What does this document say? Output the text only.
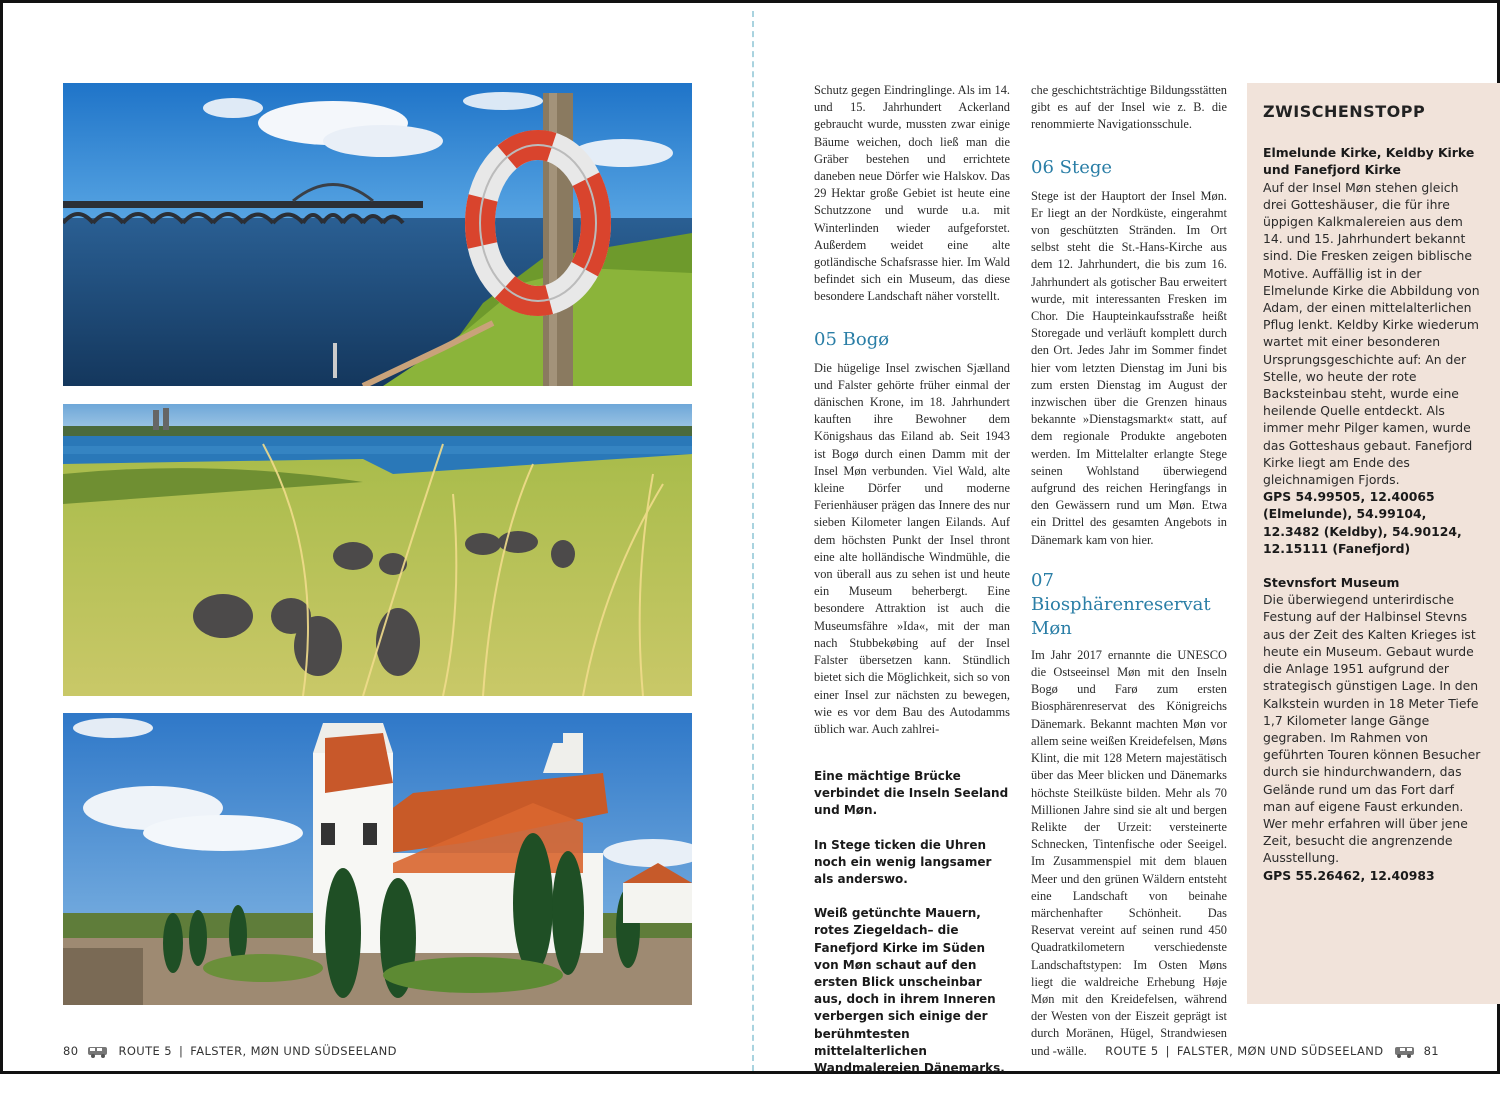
Schutz gegen Eindringlinge. Als im 14. und 15. Jahrhundert Ackerland gebraucht wurde, mussten zwar einige Bäume weichen, doch ließ man die Gräber bestehen und errichtete daneben neue Dörfer wie Halskov. Das 29 Hektar große Gebiet ist heute eine Schutzzone und wurde u.a. mit Winterlinden wieder aufgeforstet. Außerdem weidet eine alte gotländische Schafsrasse hier. Im Wald befindet sich ein Museum, das diese besondere Landschaft näher vorstellt.

05 Bogø

Die hügelige Insel zwischen Sjælland und Falster gehörte früher einmal der dänischen Krone, im 18. Jahrhundert kauften ihre Bewohner dem Königshaus das Eiland ab. Seit 1943 ist Bogø durch einen Damm mit der Insel Møn verbunden. Viel Wald, alte kleine Dörfer und moderne Ferienhäuser prägen das Innere des nur sieben Kilometer langen Eilands. Auf dem höchsten Punkt der Insel thront eine alte holländische Windmühle, die von überall aus zu sehen ist und heute ein Museum beherbergt. Eine besondere Attraktion ist auch die Museumsfähre »Ida«, mit der man nach Stubbekøbing auf der Insel Falster übersetzen kann. Stündlich bietet sich die Möglichkeit, sich so von einer Insel zur nächsten zu bewegen, wie es vor dem Bau des Autodamms üblich war. Auch zahlrei-

Eine mächtige Brücke verbindet die Inseln Seeland und Møn.

In Stege ticken die Uhren noch ein wenig langsamer als anderswo.

Weiß getünchte Mauern, rotes Ziegeldach– die Fanefjord Kirke im Süden von Møn schaut auf den ersten Blick unscheinbar aus, doch in ihrem Inneren verbergen sich einige der berühmtesten mittelalterlichen Wandmalereien Dänemarks.

che geschichtsträchtige Bildungsstätten gibt es auf der Insel wie z. B. die renommierte Navigationsschule.

06 Stege

Stege ist der Hauptort der Insel Møn. Er liegt an der Nordküste, eingerahmt von geschützten Stränden. Im Ort selbst steht die St.-Hans-Kirche aus dem 12. Jahrhundert, die bis zum 16. Jahrhundert als gotischer Bau erweitert wurde, mit interessanten Fresken im Chor. Die Haupteinkaufsstraße heißt Storegade und verläuft komplett durch den Ort. Jedes Jahr im Sommer findet hier vom letzten Dienstag im Juni bis zum ersten Dienstag im August der inzwischen über die Grenzen hinaus bekannte »Dienstagsmarkt« statt, auf dem regionale Produkte angeboten werden. Im Mittelalter erlangte Stege seinen Wohlstand überwiegend aufgrund des reichen Heringfangs in den Gewässern rund um Møn. Etwa ein Drittel des gesamten Angebots in Dänemark kam von hier.

07 Biosphärenreservat Møn

Im Jahr 2017 ernannte die UNESCO die Ostseeinsel Møn mit den Inseln Bogø und Farø zum ersten Biosphärenreservat des Königreichs Dänemark. Bekannt machten Møn vor allem seine weißen Kreidefelsen, Møns Klint, die mit 128 Metern majestätisch über das Meer blicken und Dänemarks höchste Steilküste bilden. Mehr als 70 Millionen Jahre sind sie alt und bergen Relikte der Urzeit: versteinerte Schnecken, Tintenfische oder Seeigel. Im Zusammenspiel mit dem blauen Meer und den grünen Wäldern entsteht eine Landschaft von beinahe märchenhafter Schönheit. Das Reservat vereint auf seinen rund 450 Quadratkilometern verschiedenste Landschaftstypen: Im Osten Møns liegt die waldreiche Erhebung Høje Møn mit den Kreidefelsen, während der Westen von der Eiszeit geprägt ist durch Moränen, Hügel, Strandwiesen und -wälle.

ZWISCHENSTOPP
Elmelunde Kirke, Keldby Kirke und Fanefjord Kirke
Auf der Insel Møn stehen gleich drei Gotteshäuser, die für ihre üppigen Kalkmalereien aus dem 14. und 15. Jahrhundert bekannt sind. Die Fresken zeigen biblische Motive. Auffällig ist in der Elmelunde Kirke die Abbildung von Adam, der einen mittelalterlichen Pflug lenkt. Keldby Kirke wiederum wartet mit einer besonderen Ursprungsgeschichte auf: An der Stelle, wo heute der rote Backsteinbau steht, wurde eine heilende Quelle entdeckt. Als immer mehr Pilger kamen, wurde das Gotteshaus gebaut. Fanefjord Kirke liegt am Ende des gleichnamigen Fjords.
GPS 54.99505, 12.40065 (Elmelunde), 54.99104, 12.3482 (Keldby), 54.90124, 12.15111 (Fanefjord)
Stevnsfort Museum
Die überwiegend unterirdische Festung auf der Halbinsel Stevns aus der Zeit des Kalten Krieges ist heute ein Museum. Gebaut wurde die Anlage 1951 aufgrund der strategisch günstigen Lage. In den Kalkstein wurden in 18 Meter Tiefe 1,7 Kilometer lange Gänge gegraben. Im Rahmen von geführten Touren können Besucher durch sie hindurchwandern, das Gelände rund um das Fort darf man auf eigene Faust erkunden. Wer mehr erfahren will über jene Zeit, besucht die angrenzende Ausstellung.
GPS 55.26462, 12.40983
80	ROUTE 5 | FALSTER, MØN UND SÜDSEELAND	ROUTE 5 | FALSTER, MØN UND SÜDSEELAND	81
